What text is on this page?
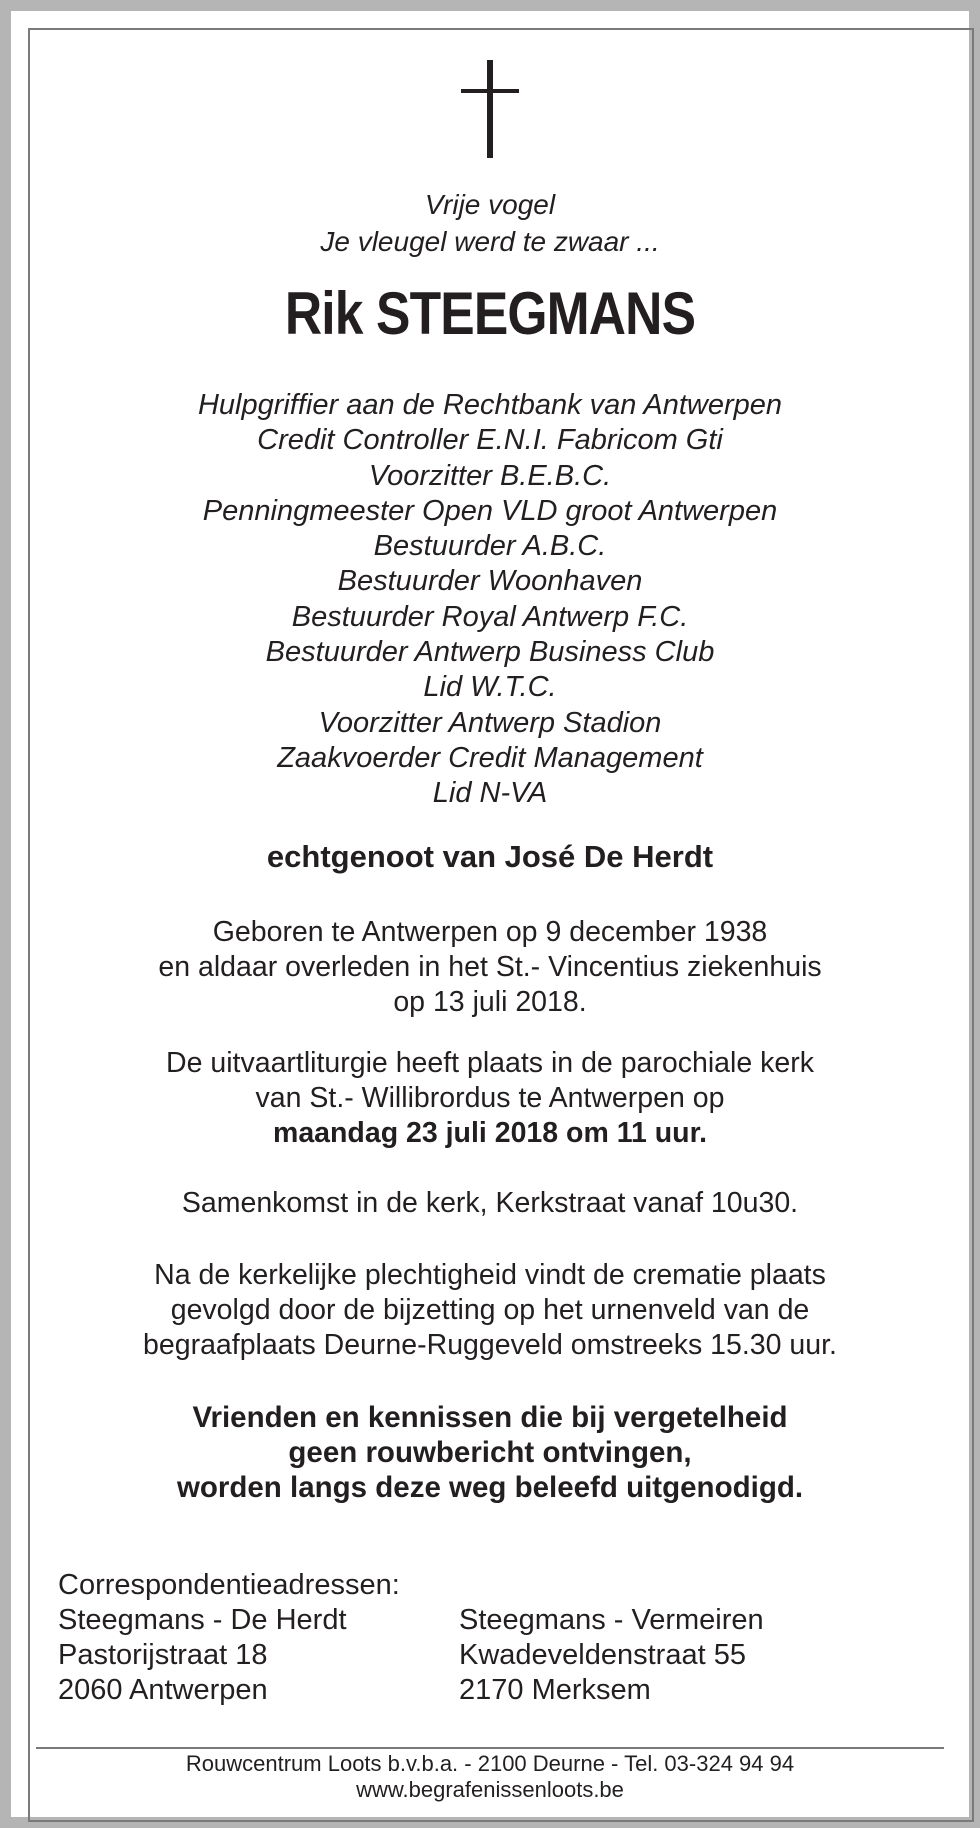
Vrije vogel
Je vleugel werd te zwaar ...
Rik STEEGMANS
Hulpgriffier aan de Rechtbank van Antwerpen
Credit Controller E.N.I. Fabricom Gti
Voorzitter B.E.B.C.
Penningmeester Open VLD groot Antwerpen
Bestuurder A.B.C.
Bestuurder Woonhaven
Bestuurder Royal Antwerp F.C.
Bestuurder Antwerp Business Club
Lid W.T.C.
Voorzitter Antwerp Stadion
Zaakvoerder Credit Management
Lid N-VA
echtgenoot van José De Herdt
Geboren te Antwerpen op 9 december 1938
en aldaar overleden in het St.- Vincentius ziekenhuis
op 13 juli 2018.
De uitvaartliturgie heeft plaats in de parochiale kerk
van St.- Willibrordus te Antwerpen op
maandag 23 juli 2018 om 11 uur.
Samenkomst in de kerk, Kerkstraat vanaf 10u30.
Na de kerkelijke plechtigheid vindt de crematie plaats
gevolgd door de bijzetting op het urnenveld van de
begraafplaats Deurne-Ruggeveld omstreeks 15.30 uur.
Vrienden en kennissen die bij vergetelheid
geen rouwbericht ontvingen,
worden langs deze weg beleefd uitgenodigd.
Correspondentieadressen:
Steegmans - De Herdt
Pastorijstraat 18
2060 Antwerpen
Steegmans - Vermeiren
Kwadeveldenstraat 55
2170 Merksem
Rouwcentrum Loots b.v.b.a. - 2100 Deurne - Tel. 03-324 94 94
www.begrafenissenloots.be
